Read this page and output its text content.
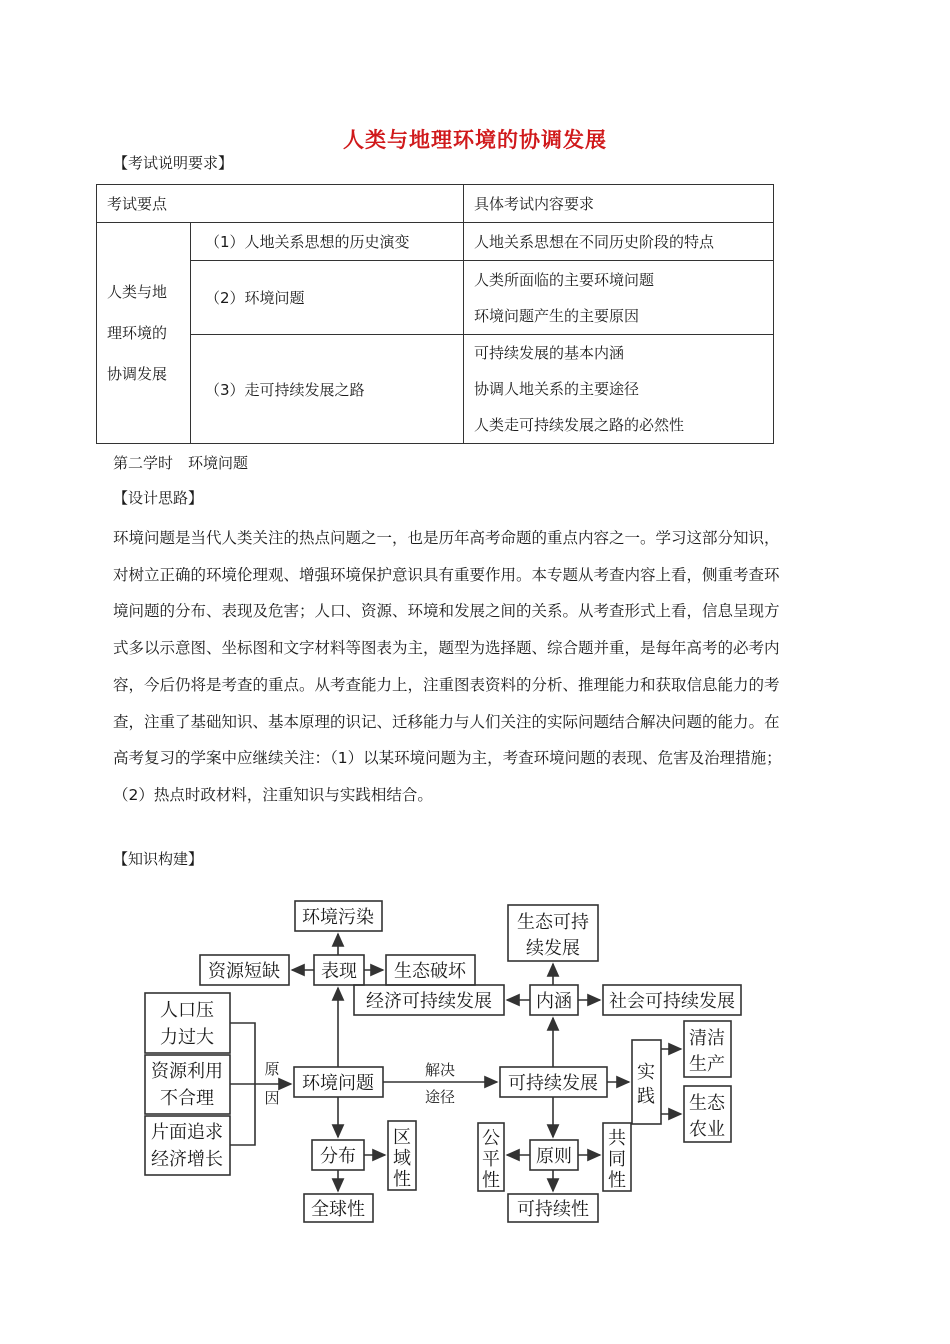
人类与地理环境的协调发展
【考试说明要求】
考试要点		具体考试内容要求

人类与地
理环境的
协调发展	（1）人地关系思想的历史演变	人地关系思想在不同历史阶段的特点

	（2）环境问题	人类所面临的主要环境问题
环境问题产生的主要原因

	（3）走可持续发展之路	可持续发展的基本内涵
协调人地关系的主要途径
人类走可持续发展之路的必然性
第二学时　环境问题
【设计思路】
环境问题是当代人类关注的热点问题之一，也是历年高考命题的重点内容之一。学习这部分知识，
对树立正确的环境伦理观、增强环境保护意识具有重要作用。本专题从考查内容上看，侧重考查环
境问题的分布、表现及危害；人口、资源、环境和发展之间的关系。从考查形式上看，信息呈现方
式多以示意图、坐标图和文字材料等图表为主，题型为选择题、综合题并重，是每年高考的必考内
容，今后仍将是考查的重点。从考查能力上，注重图表资料的分析、推理能力和获取信息能力的考
查，注重了基础知识、基本原理的识记、迁移能力与人们关注的实际问题结合解决问题的能力。在
高考复习的学案中应继续关注：（1）以某环境问题为主，考查环境问题的表现、危害及治理措施；
（2）热点时政材料，注重知识与实践相结合。
【知识构建】
环境污染
资源短缺 表现 生态破坏
人口压
力过大
资源利用
不合理
片面追求
经济增长
环境问题
分布
区
域
性
全球性
生态可持
续发展
经济可持续发展 内涵 社会可持续发展
可持续发展
实
践
清洁
生产
生态
农业
公
平
性
原则
共
同
性
可持续性
原
因
解决
途径
